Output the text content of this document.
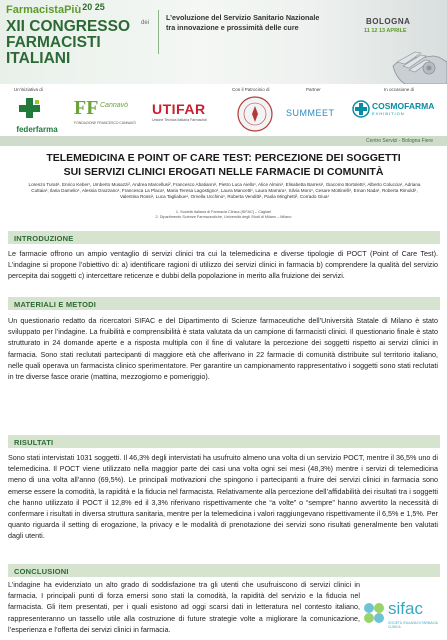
FarmacistaPiù$^{20 25}$
XII CONGRESSO FARMACISTI ITALIANI
dei
L’evoluzione del Servizio Sanitario Nazionale
tra innovazione e prossimità delle cure
BOLOGNA
11 12 13 APRILE
Un’iniziativa di
federfarma
FF Cannavò
FONDAZIONE FRANCESCO CANNAVÒ
UTIFAR
Unione Tecnica Italiana Farmacisti
Con il Patrocinio di	Partner
SUMMEET
In occasione di
COSMOFARMA
EXHIBITION
Centro Servizi - Bologna Fiere
TELEMEDICINA E POINT OF CARE TEST: PERCEZIONE DEI SOGGETTI
SUI SERVIZI CLINICI EROGATI NELLE FARMACIE DI COMUNITÀ
Lorenzo Turati¹, Enrico Keber¹, Umberto Musazzi², Andrea Marcellusi², Francesco Abatianni¹, Pietro Luca Aiello¹, Alice Almini¹, Elisabetta Barresi¹, Giacomo Bortoletti¹, Alberto Coluccia¹, Adriana Cuttaia¹, Ilaria Damelio¹, Alessia Grazzano¹, Francesca La Placa¹, Maria Teresa Lagostigno¹, Laura Mancetti¹, Laura Marrara¹, Silvia Moro¹, Cesare Mottinelli¹, Eman Nada¹, Roberta Rimoldi¹, Valentina Rossi¹, Luca Tagliabue¹, Ornella Ucchino¹, Roberta Venditti¹, Paola Minghetti², Corrado Giua¹
1. Società Italiana di Farmacia Clinica (SIFAC) – Cagliari
2. Dipartimento Scienze Farmaceutiche, Università degli Studi di Milano – Milano
INTRODUZIONE
Le farmacie offrono un ampio ventaglio di servizi clinici tra cui la telemedicina e diverse tipologie di POCT (Point of Care Test). L’indagine si propone l’obiettivo di: a) identificare ragioni di utilizzo dei servizi clinici in farmacia b) comprendere la qualità del servizio percepita dai soggetti c) intercettare reticenze e dubbi della popolazione in merito alla fruizione dei servizi.
MATERIALI E METODI
Un questionario redatto da ricercatori SIFAC e del Dipartimento di Scienze farmaceutiche dell’Università Statale di Milano è stato sviluppato per l’indagine. La fruibilità e comprensibilità è stata valutata da un campione di farmacisti clinici. Il questionario finale è stato strutturato in 24 domande aperte e a risposta multipla con il fine di valutare la percezione dei soggetti rispetto ai servizi clinici in farmacia. Sono stati reclutati partecipanti di maggiore età che afferivano in 22 farmacie di comunità distribuite sul territorio italiano, nelle quali operava un farmacista clinico sperimentatore. Per garantire un campionamento rappresentativo i soggetti sono stati reclutati in tre diverse fasce orarie (mattina, mezzogiorno e pomeriggio).
RISULTATI
Sono stati intervistati 1031 soggetti. Il 46,3% degli intervistati ha usufruito almeno una volta di un servizio POCT, mentre il 36,5% uno di telemedicina. Il POCT viene utilizzato nella maggior parte dei casi una volta ogni sei mesi (48,3%) mentre i servizi di telemedicina meno di una volta all’anno (69,5%). Le principali motivazioni che spingono i partecipanti a fruire dei servizi clinici in farmacia sono emerse essere la comodità, la rapidità e la fiducia nel farmacista. Relativamente alla percezione dell’affidabilità dei risultati tra i soggetti che hanno utilizzato il POCT il 12,8% ed il 3,3% riferivano rispettivamente che “a volte” o “sempre” hanno avvertito la necessità di confermare i risultati in diversa struttura sanitaria, mentre per la telemedicina i valori raggiungevano rispettivamente il 6,5% e 1,5%. Per quanto riguarda il setting di erogazione, la privacy e le modalità di prenotazione dei servizi sono risultati generalmente ben valutati dagli utenti.
CONCLUSIONI
L’indagine ha evidenziato un alto grado di soddisfazione tra gli utenti che usufruiscono di servizi clinici in farmacia. I principali punti di forza emersi sono stati la comodità, la rapidità del servizio e la fiducia nel farmacista. Gli item presentati, per i quali esistono ad oggi scarsi dati in letteratura nel contesto italiano, rappresenteranno un tassello utile alla costruzione di future strategie volte a migliorare la comunicazione, l’esperienza e l’offerta dei servizi clinici in farmacia.
sifac
SOCIETÀ ITALIANA DI FARMACIA CLINICA
